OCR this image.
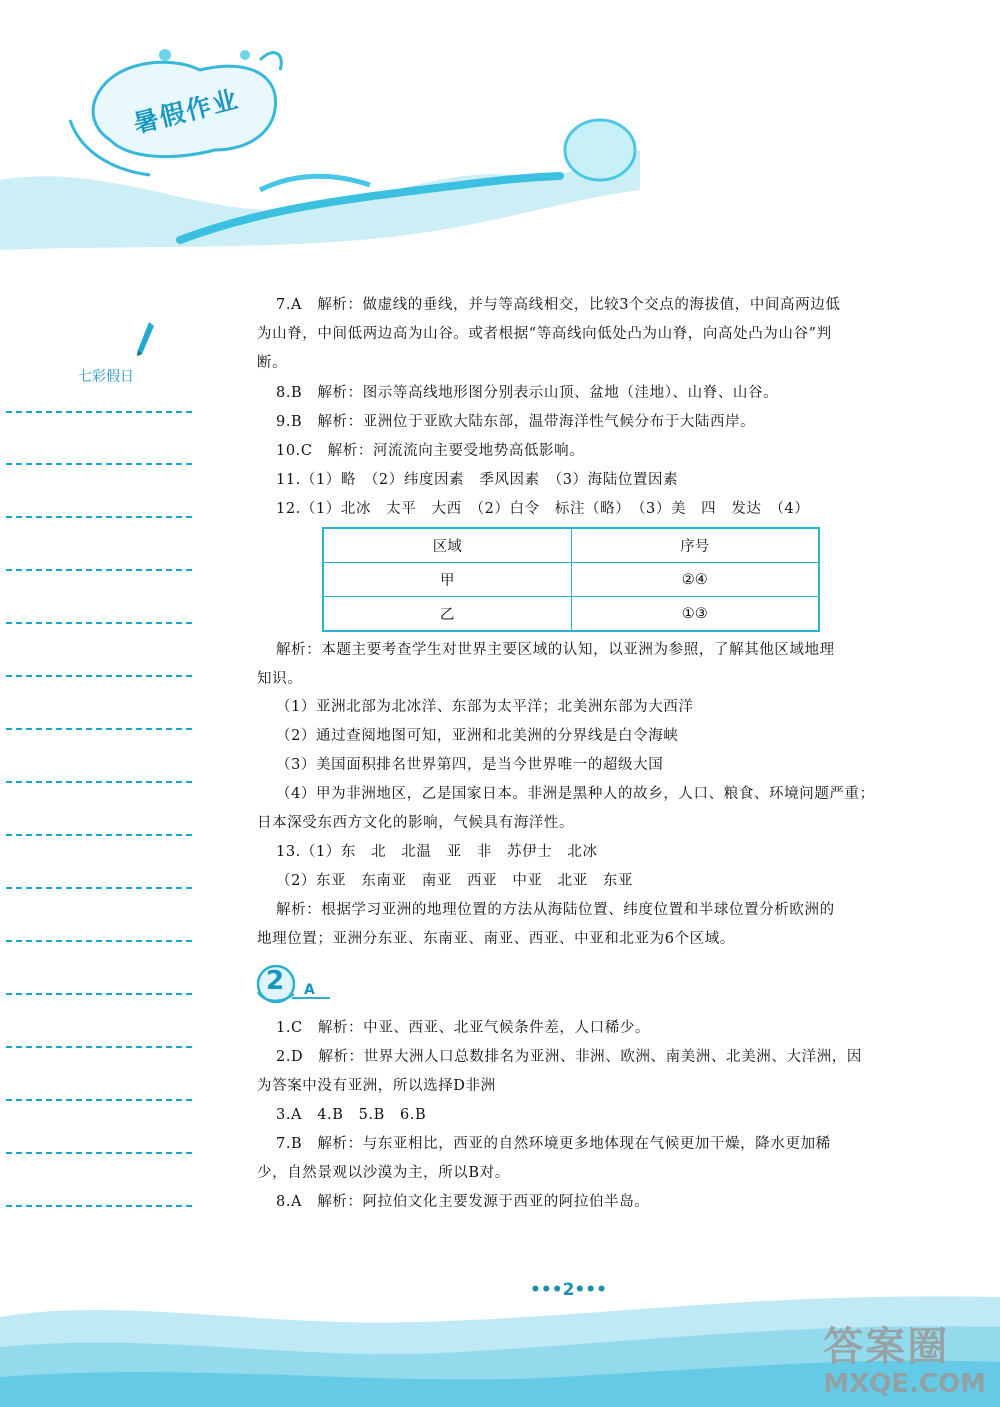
暑假作业
七彩假日
7.A　解析：做虚线的垂线，并与等高线相交，比较3个交点的海拔值，中间高两边低
为山脊，中间低两边高为山谷。或者根据“等高线向低处凸为山脊，向高处凸为山谷”判
断。
8.B　解析：图示等高线地形图分别表示山顶、盆地（洼地）、山脊、山谷。
9.B　解析：亚洲位于亚欧大陆东部，温带海洋性气候分布于大陆西岸。
10.C　解析：河流流向主要受地势高低影响。
11.（1）略　（2）纬度因素　季风因素　（3）海陆位置因素
12.（1）北冰　太平　大西　（2）白令　标注（略）　（3）美　四　发达　（4）
区域	序号
甲	②④
乙	①③
解析：本题主要考查学生对世界主要区域的认知，以亚洲为参照，了解其他区域地理
知识。
（1）亚洲北部为北冰洋、东部为太平洋；北美洲东部为大西洋
（2）通过查阅地图可知，亚洲和北美洲的分界线是白令海峡
（3）美国面积排名世界第四，是当今世界唯一的超级大国
（4）甲为非洲地区，乙是国家日本。非洲是黑种人的故乡，人口、粮食、环境问题严重；
日本深受东西方文化的影响，气候具有海洋性。
13.（1）东　北　北温　亚　非　苏伊士　北冰
（2）东亚　东南亚　南亚　西亚　中亚　北亚　东亚
解析：根据学习亚洲的地理位置的方法从海陆位置、纬度位置和半球位置分析欧洲的
地理位置；亚洲分东亚、东南亚、南亚、西亚、中亚和北亚为6个区域。
2 A
1.C　解析：中亚、西亚、北亚气候条件差，人口稀少。
2.D　解析：世界大洲人口总数排名为亚洲、非洲、欧洲、南美洲、北美洲、大洋洲，因
为答案中没有亚洲，所以选择D非洲
3.A　4.B　5.B　6.B
7.B　解析：与东亚相比，西亚的自然环境更多地体现在气候更加干燥，降水更加稀
少，自然景观以沙漠为主，所以B对。
8.A　解析：阿拉伯文化主要发源于西亚的阿拉伯半岛。
•••2•••
答案圈
MXQE.COM
